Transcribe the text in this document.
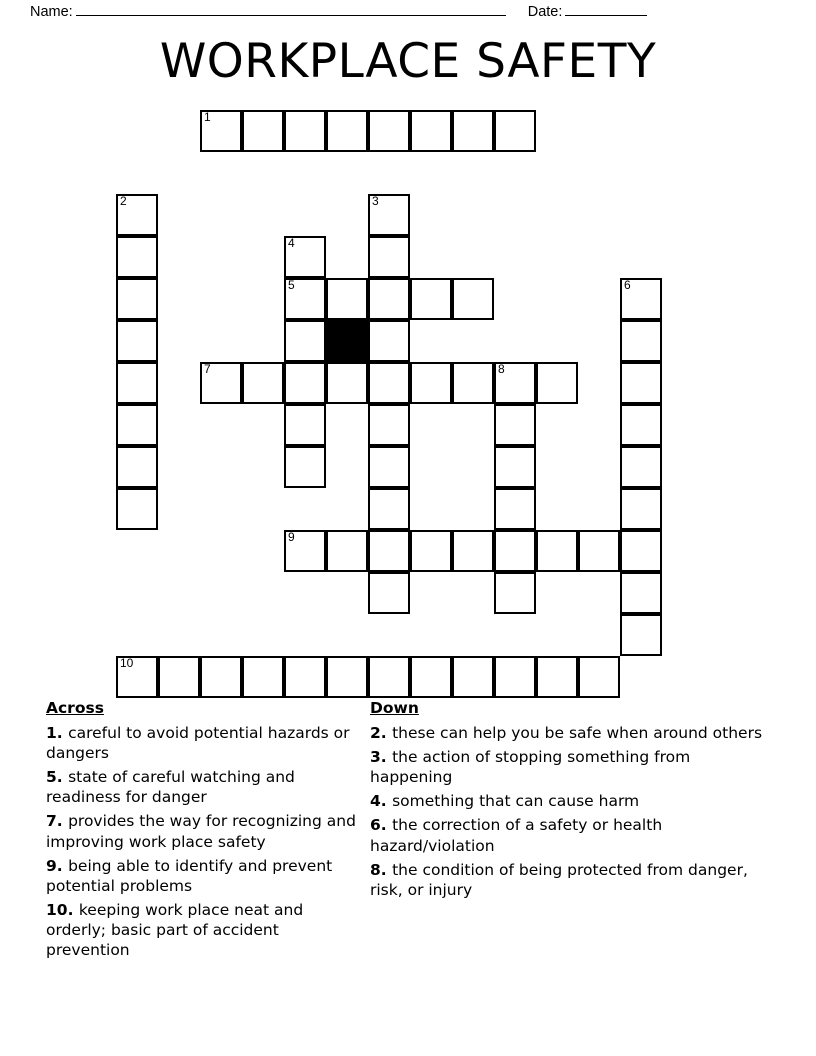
Name:	Date:
WORKPLACE SAFETY
1
2	3
4
5	6
7	8
9
10
Across
1. careful to avoid potential hazards or dangers
5. state of careful watching and readiness for danger
7. provides the way for recognizing and improving work place safety
9. being able to identify and prevent potential problems
10. keeping work place neat and orderly; basic part of accident prevention
Down
2. these can help you be safe when around others
3. the action of stopping something from happening
4. something that can cause harm
6. the correction of a safety or health hazard/violation
8. the condition of being protected from danger, risk, or injury
